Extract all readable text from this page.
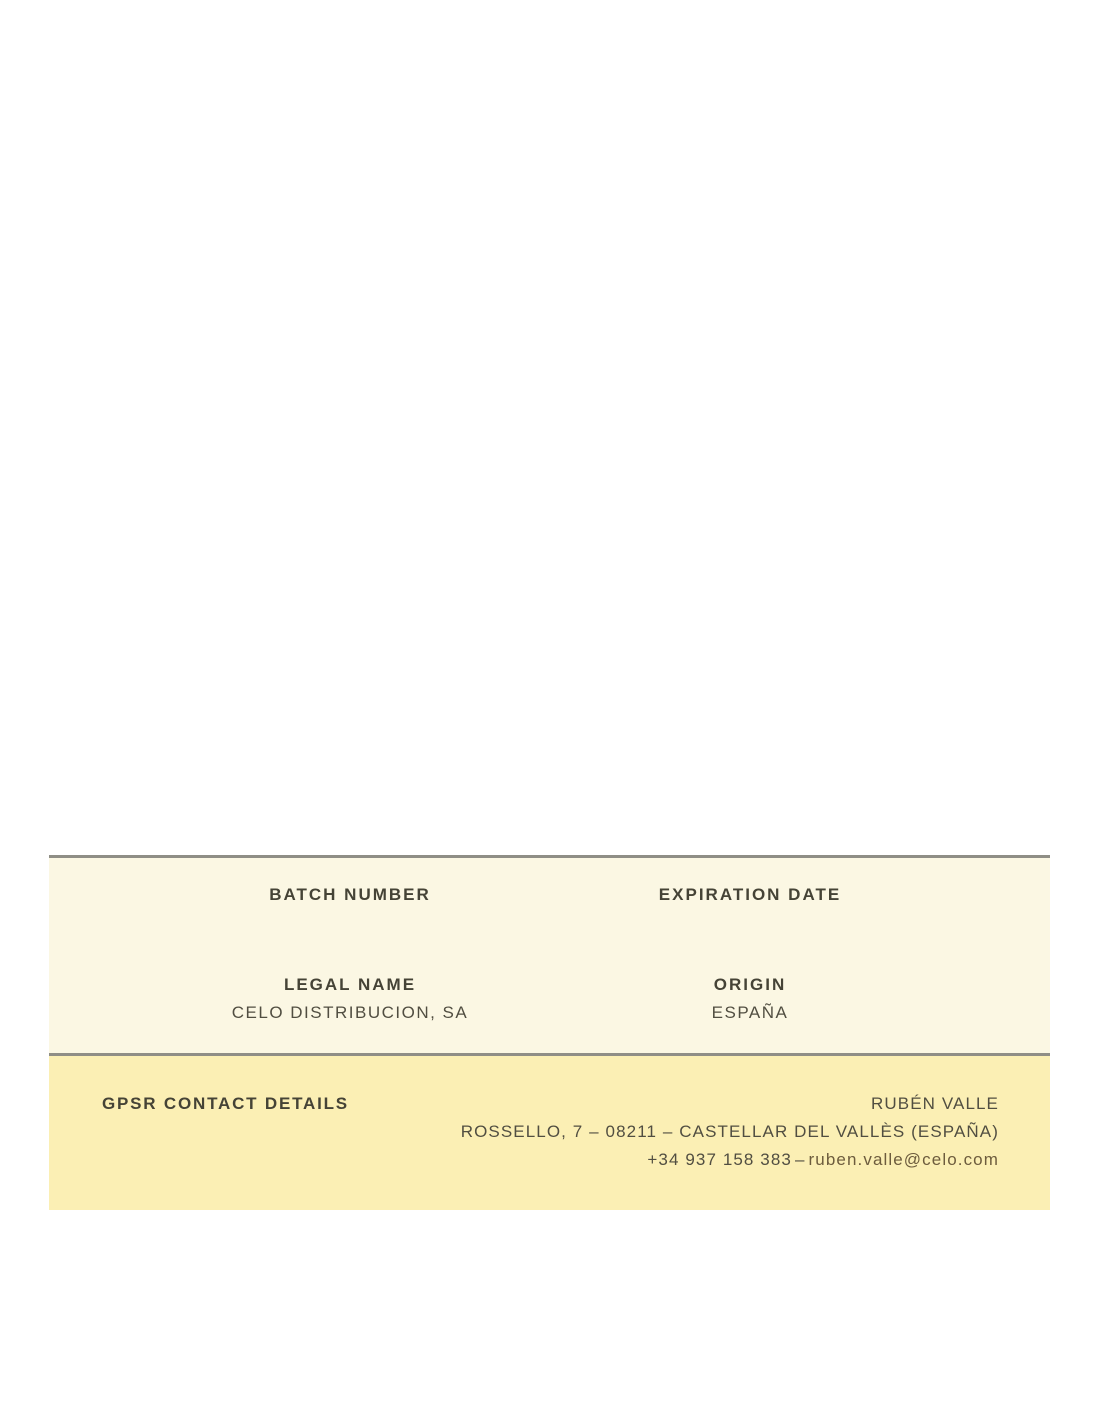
BATCH NUMBER	EXPIRATION DATE
LEGAL NAME
CELO DISTRIBUCION, SA
ORIGIN
ESPAÑA
GPSR CONTACT DETAILS	RUBÉN VALLE
ROSSELLO, 7 – 08211 – CASTELLAR DEL VALLÈS (ESPAÑA)
+34 937 158 383 – ruben.valle@celo.com
